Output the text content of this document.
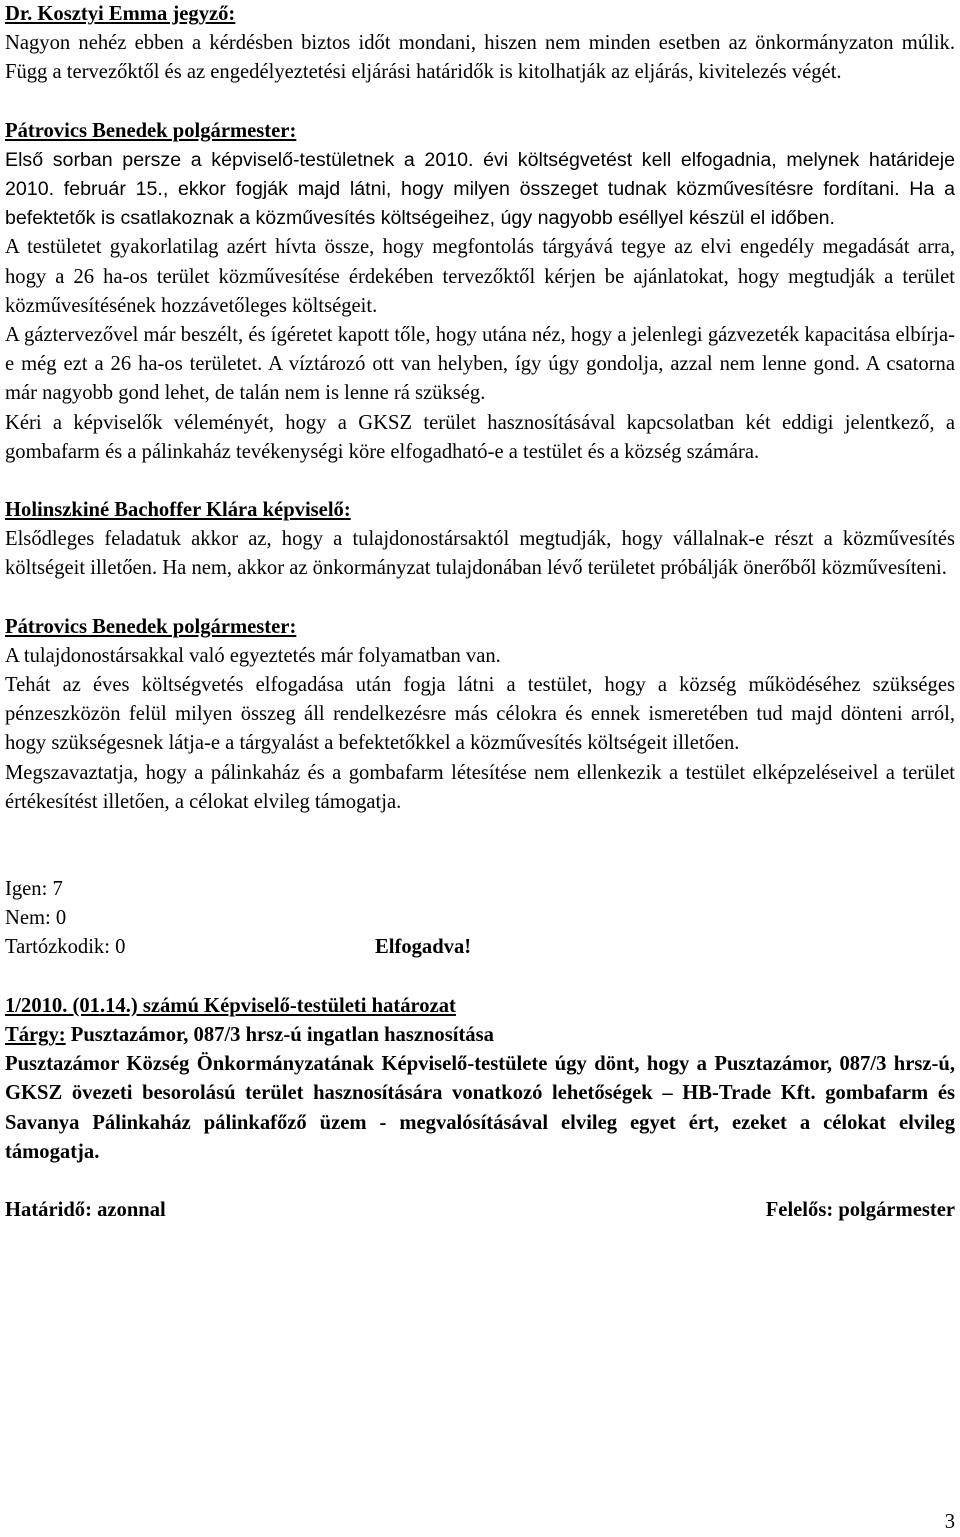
Dr. Kosztyi Emma jegyző:

Nagyon nehéz ebben a kérdésben biztos időt mondani, hiszen nem minden esetben az önkormányzaton múlik. Függ a tervezőktől és az engedélyeztetési eljárási határidők is kitolhatják az eljárás, kivitelezés végét.

Pátrovics Benedek polgármester:

Első sorban persze a képviselő-testületnek a 2010. évi költségvetést kell elfogadnia, melynek határideje 2010. február 15., ekkor fogják majd látni, hogy milyen összeget tudnak közművesítésre fordítani. Ha a befektetők is csatlakoznak a közművesítés költségeihez, úgy nagyobb eséllyel készül el időben.

A testületet gyakorlatilag azért hívta össze, hogy megfontolás tárgyává tegye az elvi engedély megadását arra, hogy a 26 ha-os terület közművesítése érdekében tervezőktől kérjen be ajánlatokat, hogy megtudják a terület közművesítésének hozzávetőleges költségeit.

A gáztervezővel már beszélt, és ígéretet kapott tőle, hogy utána néz, hogy a jelenlegi gázvezeték kapacitása elbírja-e még ezt a 26 ha-os területet. A víztározó ott van helyben, így úgy gondolja, azzal nem lenne gond. A csatorna már nagyobb gond lehet, de talán nem is lenne rá szükség.

Kéri a képviselők véleményét, hogy a GKSZ terület hasznosításával kapcsolatban két eddigi jelentkező, a gombafarm és a pálinkaház tevékenységi köre elfogadható-e a testület és a község számára.

Holinszkiné Bachoffer Klára képviselő:

Elsődleges feladatuk akkor az, hogy a tulajdonostársaktól megtudják, hogy vállalnak-e részt a közművesítés költségeit illetően. Ha nem, akkor az önkormányzat tulajdonában lévő területet próbálják önerőből közművesíteni.

Pátrovics Benedek polgármester:

A tulajdonostársakkal való egyeztetés már folyamatban van.

Tehát az éves költségvetés elfogadása után fogja látni a testület, hogy a község működéséhez szükséges pénzeszközön felül milyen összeg áll rendelkezésre más célokra és ennek ismeretében tud majd dönteni arról, hogy szükségesnek látja-e a tárgyalást a befektetőkkel a közművesítés költségeit illetően.

Megszavaztatja, hogy a pálinkaház és a gombafarm létesítése nem ellenkezik a testület elképzeléseivel a terület értékesítést illetően, a célokat elvileg támogatja.

Igen: 7

Nem: 0

Tartózkodik: 0	Elfogadva!

1/2010. (01.14.) számú Képviselő-testületi határozat

Tárgy: Pusztazámor, 087/3 hrsz-ú ingatlan hasznosítása

Pusztazámor Község Önkormányzatának Képviselő-testülete úgy dönt, hogy a Pusztazámor, 087/3 hrsz-ú, GKSZ övezeti besorolású terület hasznosítására vonatkozó lehetőségek – HB-Trade Kft. gombafarm és Savanya Pálinkaház pálinkafőző üzem - megvalósításával elvileg egyet ért, ezeket a célokat elvileg támogatja.

Határidő: azonnal	Felelős: polgármester
3
